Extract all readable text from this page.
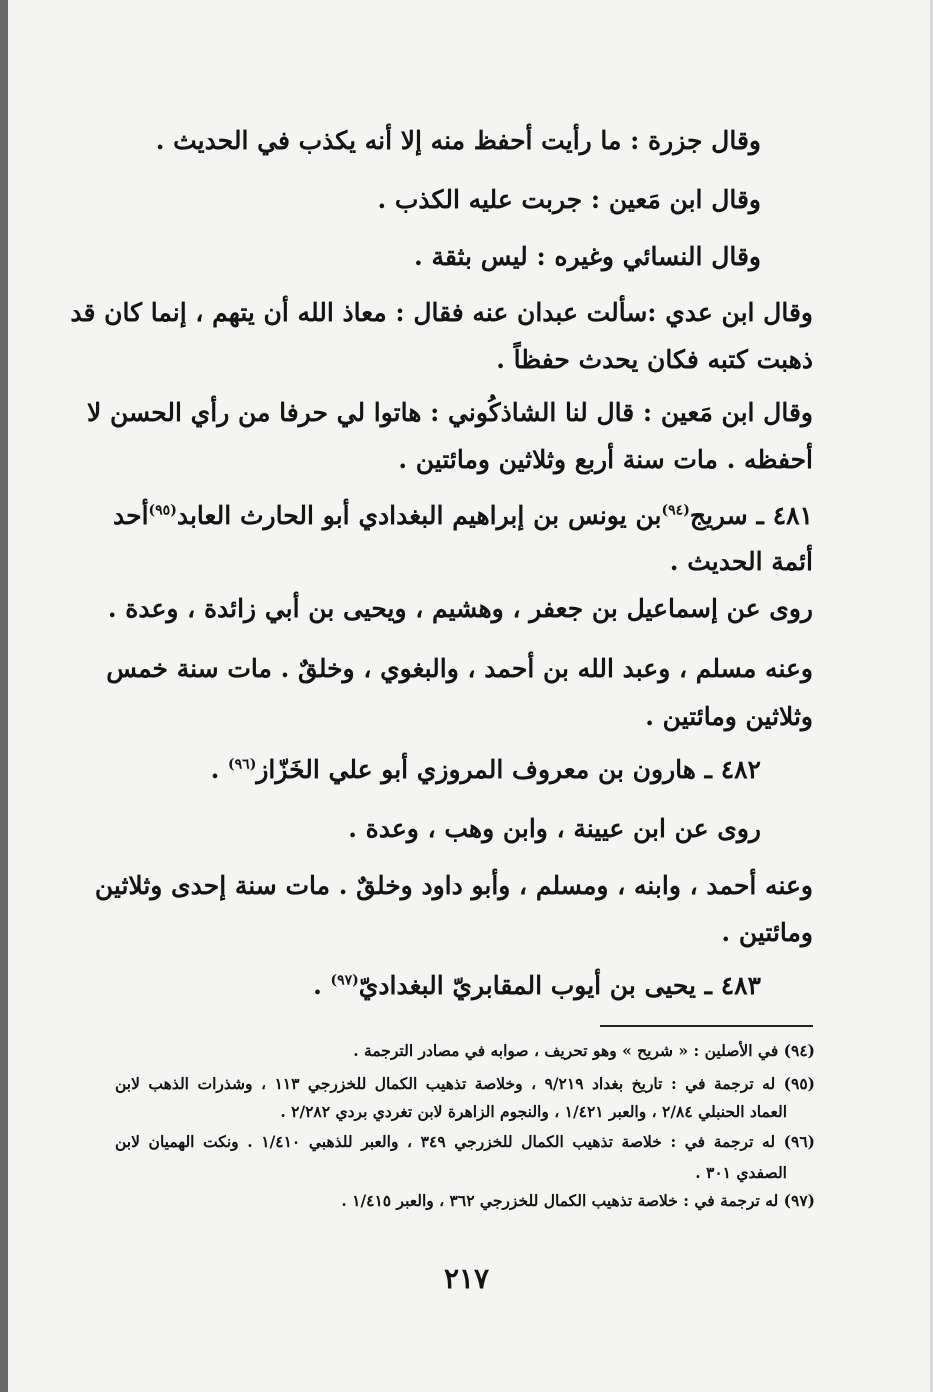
وقال جزرة : ما رأيت أحفظ منه إلا أنه يكذب في الحديث .
وقال ابن مَعين : جربت عليه الكذب .
وقال النسائي وغيره : ليس بثقة .
وقال ابن عدي :سألت عبدان عنه فقال : معاذ الله أن يتهم ، إنما كان قد
ذهبت كتبه فكان يحدث حفظاً .
وقال ابن مَعين : قال لنا الشاذكُوني : هاتوا لي حرفا من رأي الحسن لا
أحفظه . مات سنة أربع وثلاثين ومائتين .
٤٨١ ـ سريج$^{(٩٤)}$بن يونس بن إبراهيم البغدادي أبو الحارث العابد$^{(٩٥)}$أحد
أئمة الحديث .
روى عن إسماعيل بن جعفر ، وهشيم ، ويحيى بن أبي زائدة ، وعدة .
وعنه مسلم ، وعبد الله بن أحمد ، والبغوي ، وخلقٌ . مات سنة خمس
وثلاثين ومائتين .
٤٨٢ ـ هارون بن معروف المروزي أبو علي الخَزّاز$^{(٩٦)}$ .
روى عن ابن عيينة ، وابن وهب ، وعدة .
وعنه أحمد ، وابنه ، ومسلم ، وأبو داود وخلقٌ . مات سنة إحدى وثلاثين
ومائتين .
٤٨٣ ـ يحيى بن أيوب المقابريّ البغداديّ$^{(٩٧)}$ .
(٩٤) في الأصلين : « شريح » وهو تحريف ، صوابه في مصادر الترجمة .
(٩٥) له ترجمة في : تاريخ بغداد ٩/٢١٩ ، وخلاصة تذهيب الكمال للخزرجي ١١٣ ، وشذرات الذهب لابن
العماد الحنبلي ٢/٨٤ ، والعبر ١/٤٢١ ، والنجوم الزاهرة لابن تغردي بردي ٢/٢٨٢ .
(٩٦) له ترجمة في : خلاصة تذهيب الكمال للخزرجي ٣٤٩ ، والعبر للذهبي ١/٤١٠ . ونكت الهميان لابن
الصفدي ٣٠١ .
(٩٧) له ترجمة في : خلاصة تذهيب الكمال للخزرجي ٣٦٢ ، والعبر ١/٤١٥ .
٢١٧
